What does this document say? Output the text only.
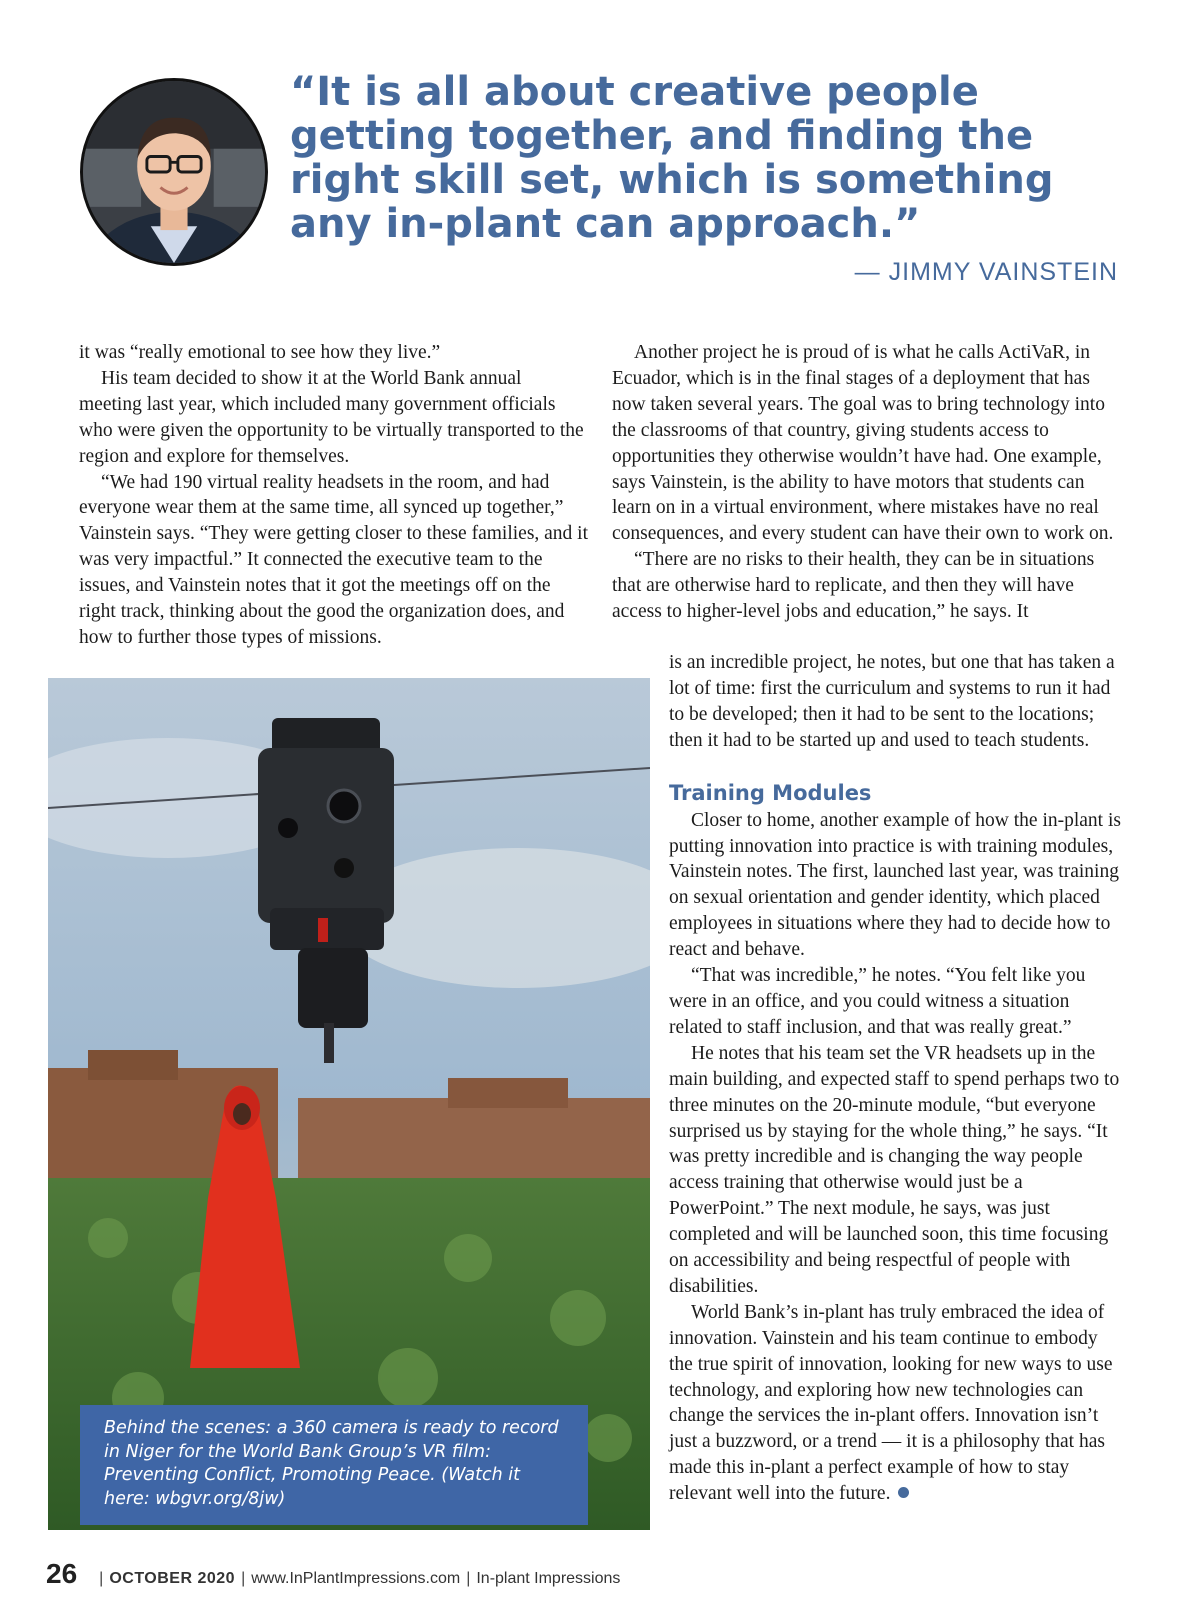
“It is all about creative people getting together, and finding the right skill set, which is something any in-plant can approach.”

— JIMMY VAINSTEIN

it was “really emotional to see how they live.”

His team decided to show it at the World Bank annual meeting last year, which included many government officials who were given the opportunity to be virtually transported to the region and explore for themselves.

“We had 190 virtual reality headsets in the room, and had everyone wear them at the same time, all synced up together,” Vainstein says. “They were getting closer to these families, and it was very impactful.” It connected the executive team to the issues, and Vainstein notes that it got the meetings off on the right track, thinking about the good the organization does, and how to further those types of missions.

Another project he is proud of is what he calls ActiVaR, in Ecuador, which is in the final stages of a deployment that has now taken several years. The goal was to bring technology into the classrooms of that country, giving students access to opportunities they otherwise wouldn’t have had. One example, says Vainstein, is the ability to have motors that students can learn on in a virtual environment, where mistakes have no real consequences, and every student can have their own to work on.

“There are no risks to their health, they can be in situations that are otherwise hard to replicate, and then they will have access to higher-level jobs and education,” he says. It

is an incredible project, he notes, but one that has taken a lot of time: first the curriculum and systems to run it had to be developed; then it had to be sent to the locations; then it had to be started up and used to teach students.

Training Modules

Closer to home, another example of how the in-plant is putting innovation into practice is with training modules, Vainstein notes. The first, launched last year, was training on sexual orientation and gender identity, which placed employees in situations where they had to decide how to react and behave.

“That was incredible,” he notes. “You felt like you were in an office, and you could witness a situation related to staff inclusion, and that was really great.”

He notes that his team set the VR headsets up in the main building, and expected staff to spend perhaps two to three minutes on the 20-minute module, “but everyone surprised us by staying for the whole thing,” he says. “It was pretty incredible and is changing the way people access training that otherwise would just be a PowerPoint.” The next module, he says, was just completed and will be launched soon, this time focusing on accessibility and being respectful of people with disabilities.

World Bank’s in-plant has truly embraced the idea of innovation. Vainstein and his team continue to embody the true spirit of innovation, looking for new ways to use technology, and exploring how new technologies can change the services the in-plant offers. Innovation isn’t just a buzzword, or a trend — it is a philosophy that has made this in-plant a perfect example of how to stay relevant well into the future.

Behind the scenes: a 360 camera is ready to record in Niger for the World Bank Group’s VR film: Preventing Conflict, Promoting Peace. (Watch it here: wbgvr.org/8jw)
26 | OCTOBER 2020 | www.InPlantImpressions.com | In-plant Impressions
